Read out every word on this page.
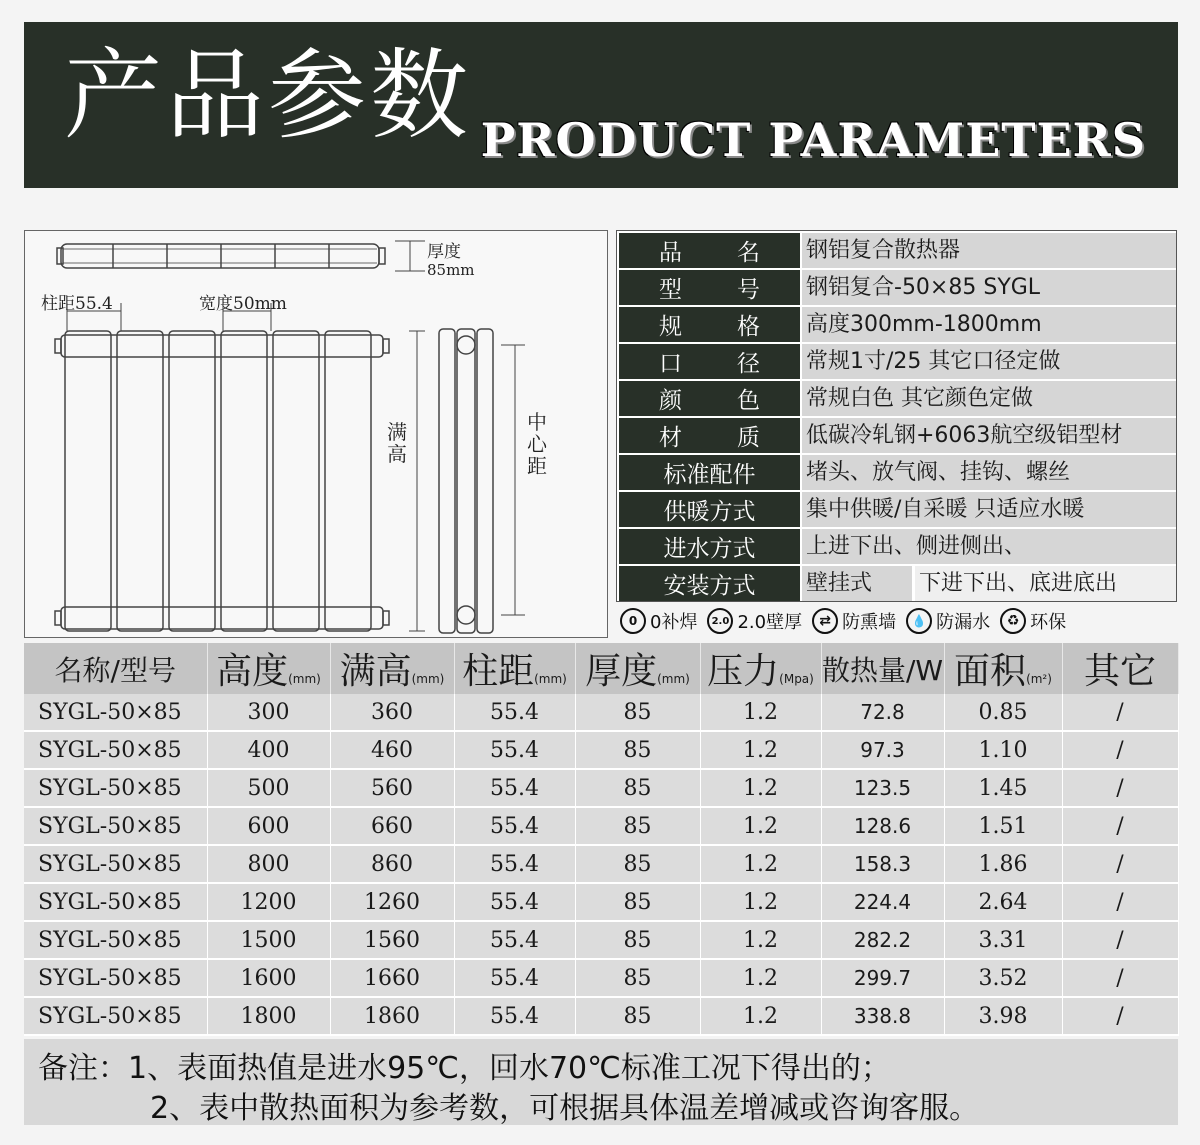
产品参数 PRODUCT PARAMETERS
厚度
85mm
柱距55.4	宽度50mm
满高
中心距
品 名 钢铝复合散热器
型 号 钢铝复合-50×85 SYGL
规 格 高度300mm-1800mm
口 径 常规1寸/25 其它口径定做
颜 色 常规白色 其它颜色定做
材 质 低碳冷轧钢+6063航空级铝型材
标准配件	堵头、放气阀、挂钩、螺丝
供暖方式	集中供暖/自采暖 只适应水暖
进水方式	上进下出、侧进侧出、
安装方式	壁挂式	下进下出、底进底出
0 0补焊	2.0 2.0壁厚	⇄ 防熏墙	💧 防漏水	♻ 环保
名称/型号	高度(mm)	满高(mm)	柱距(mm)	厚度(mm)	压力(Mpa)	散热量/W	面积(m²)	其它
SYGL-50×85	300	360	55.4	85	1.2	72.8	0.85	/
SYGL-50×85	400	460	55.4	85	1.2	97.3	1.10	/
SYGL-50×85	500	560	55.4	85	1.2	123.5	1.45	/
SYGL-50×85	600	660	55.4	85	1.2	128.6	1.51	/
SYGL-50×85	800	860	55.4	85	1.2	158.3	1.86	/
SYGL-50×85	1200	1260	55.4	85	1.2	224.4	2.64	/
SYGL-50×85	1500	1560	55.4	85	1.2	282.2	3.31	/
SYGL-50×85	1600	1660	55.4	85	1.2	299.7	3.52	/
SYGL-50×85	1800	1860	55.4	85	1.2	338.8	3.98	/
备注：1、表面热值是进水95℃，回水70℃标准工况下得出的；
2、表中散热面积为参考数，可根据具体温差增减或咨询客服。
